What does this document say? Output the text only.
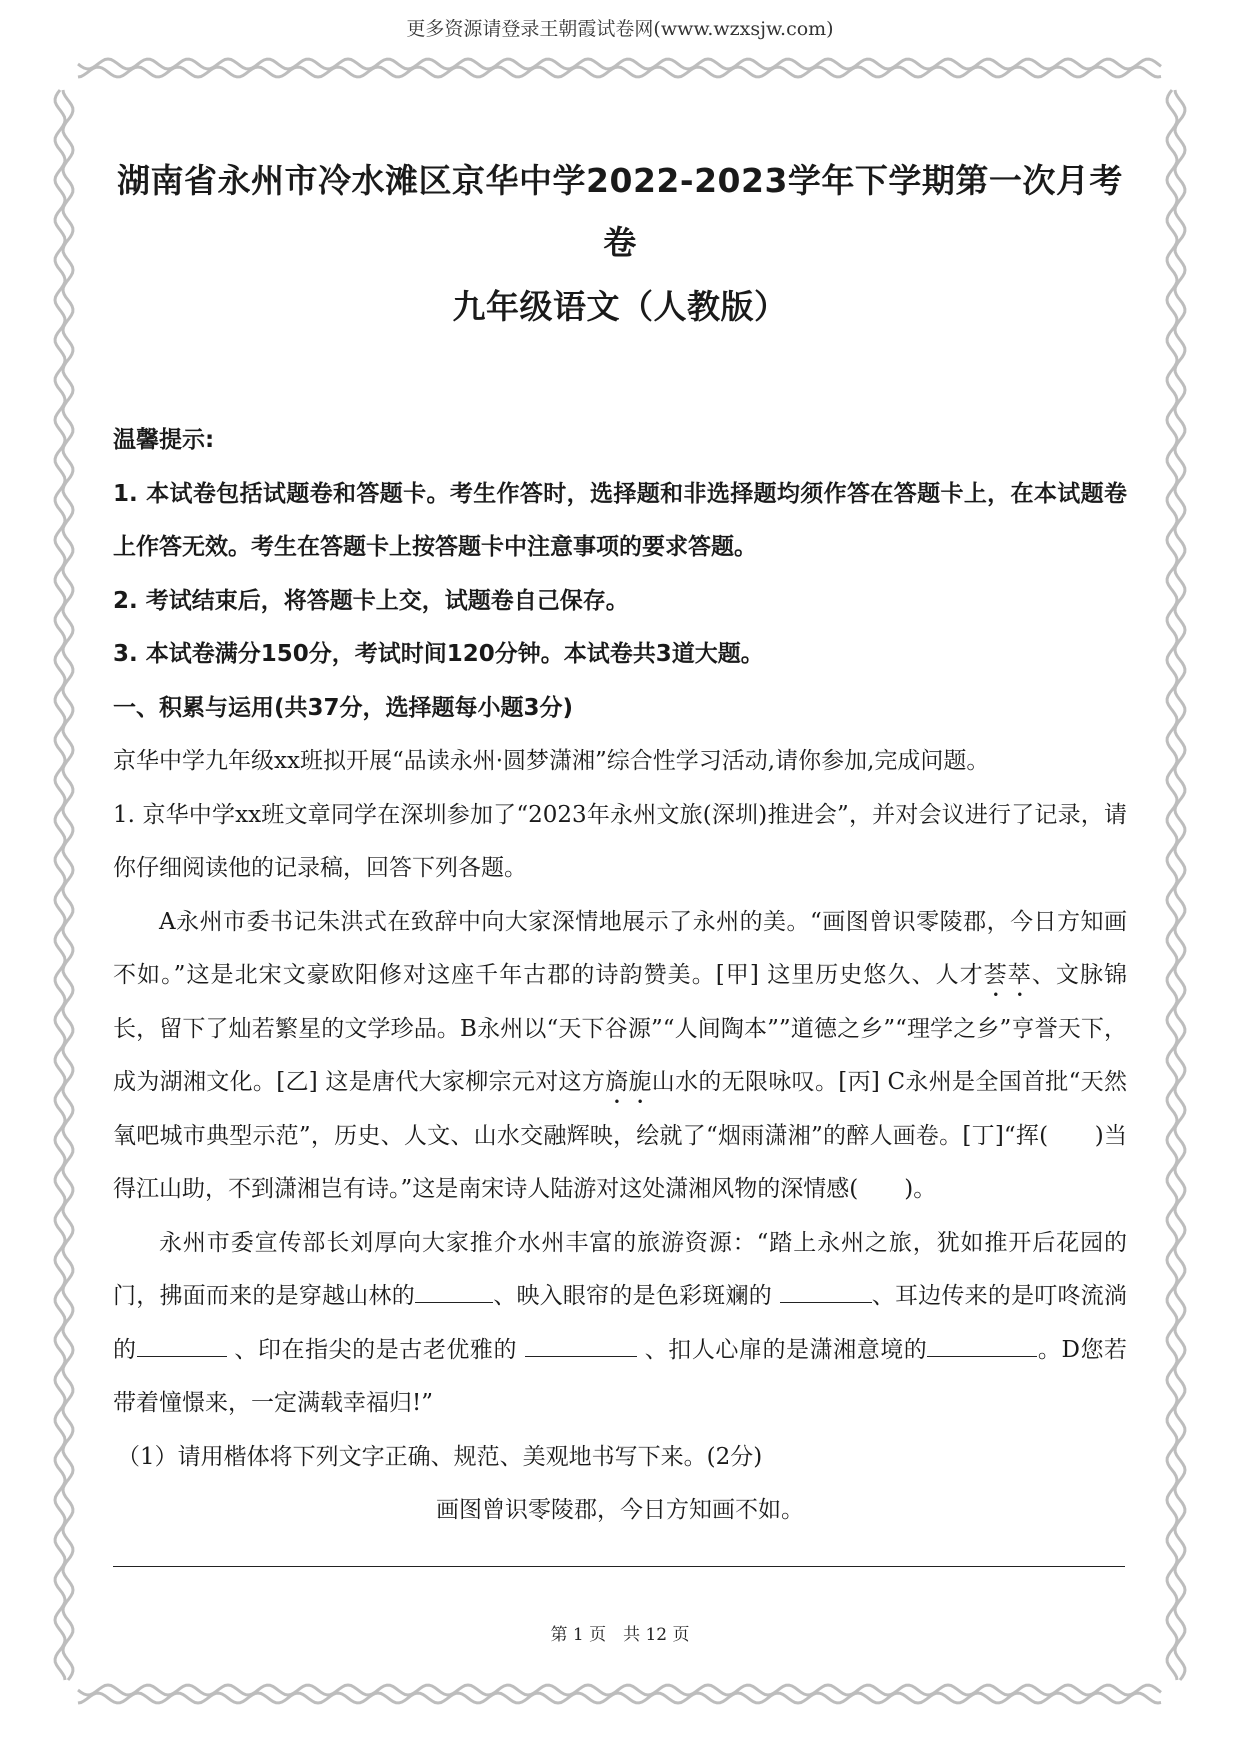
更多资源请登录王朝霞试卷网(www.wzxsjw.com)
湖南省永州市冷水滩区京华中学2022-2023学年下学期第一次月考卷
九年级语文（人教版）

温馨提示:

1. 本试卷包括试题卷和答题卡。考生作答时，选择题和非选择题均须作答在答题卡上，在本试题卷上作答无效。考生在答题卡上按答题卡中注意事项的要求答题。

2. 考试结束后，将答题卡上交，试题卷自己保存。

3. 本试卷满分150分，考试时间120分钟。本试卷共3道大题。

一、积累与运用(共37分，选择题每小题3分)

京华中学九年级xx班拟开展“品读永州·圆梦潇湘”综合性学习活动,请你参加,完成问题。

1. 京华中学xx班文章同学在深圳参加了“2023年永州文旅(深圳)推进会”，并对会议进行了记录，请你仔细阅读他的记录稿，回答下列各题。

A永州市委书记朱洪式在致辞中向大家深情地展示了永州的美。“画图曾识零陵郡，今日方知画不如。”这是北宋文豪欧阳修对这座千年古郡的诗韵赞美。[甲] 这里历史悠久、人才荟萃、文脉锦长，留下了灿若繁星的文学珍品。B永州以“天下谷源”“人间陶本””道德之乡”“理学之乡”亨誉天下，成为湖湘文化。[乙] 这是唐代大家柳宗元对这方旖旎山水的无限咏叹。[丙] C永州是全国首批“天然氧吧城市典型示范”，历史、人文、山水交融辉映，绘就了“烟雨潇湘”的醉人画卷。[丁]“挥(　　)当得江山助，不到潇湘岂有诗。”这是南宋诗人陆游对这处潇湘风物的深情感(　　)。

永州市委宣传部长刘厚向大家推介水州丰富的旅游资源：“踏上永州之旅，犹如推开后花园的门，拂面而来的是穿越山林的	、映入眼帘的是色彩斑斓的	、耳边传来的是叮咚流淌的	、印在指尖的是古老优雅的	、扣人心扉的是潇湘意境的	。D您若带着憧憬来，一定满载幸福归!”

（1）请用楷体将下列文字正确、规范、美观地书写下来。(2分)

画图曾识零陵郡，今日方知画不如。

第 1 页　共 12 页
